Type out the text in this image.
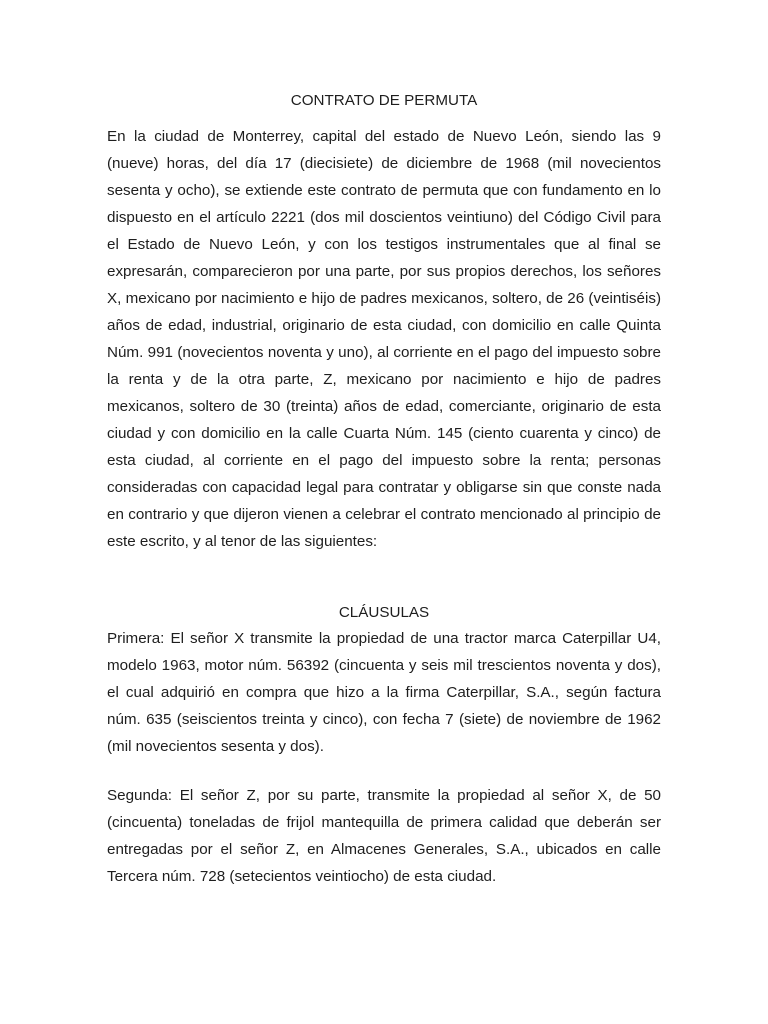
CONTRATO DE PERMUTA

En la ciudad de Monterrey, capital del estado de Nuevo León, siendo las 9 (nueve) horas, del día 17 (diecisiete) de diciembre de 1968 (mil novecientos sesenta y ocho), se extiende este contrato de permuta que con fundamento en lo dispuesto en el artículo 2221 (dos mil doscientos veintiuno) del Código Civil para el Estado de Nuevo León, y con los testigos instrumentales que al final se expresarán, comparecieron por una parte, por sus propios derechos, los señores X, mexicano por nacimiento e hijo de padres mexicanos, soltero, de 26 (veintiséis) años de edad, industrial, originario de esta ciudad, con domicilio en calle Quinta Núm. 991 (novecientos noventa y uno), al corriente en el pago del impuesto sobre la renta y de la otra parte, Z, mexicano por nacimiento e hijo de padres mexicanos, soltero de 30 (treinta) años de edad, comerciante, originario de esta ciudad y con domicilio en la calle Cuarta Núm. 145 (ciento cuarenta y cinco) de esta ciudad, al corriente en el pago del impuesto sobre la renta; personas consideradas con capacidad legal para contratar y obligarse sin que conste nada en contrario y que dijeron vienen a celebrar el contrato mencionado al principio de este escrito, y al tenor de las siguientes:

CLÁUSULAS

Primera: El señor X transmite la propiedad de una tractor marca Caterpillar U4, modelo 1963, motor núm. 56392 (cincuenta y seis mil trescientos noventa y dos), el cual adquirió en compra que hizo a la firma Caterpillar, S.A., según factura núm. 635 (seiscientos treinta y cinco), con fecha 7 (siete) de noviembre de 1962 (mil novecientos sesenta y dos).

Segunda: El señor Z, por su parte, transmite la propiedad al señor X, de 50 (cincuenta) toneladas de frijol mantequilla de primera calidad que deberán ser entregadas por el señor Z, en Almacenes Generales, S.A., ubicados en calle Tercera núm. 728 (setecientos veintiocho) de esta ciudad.
